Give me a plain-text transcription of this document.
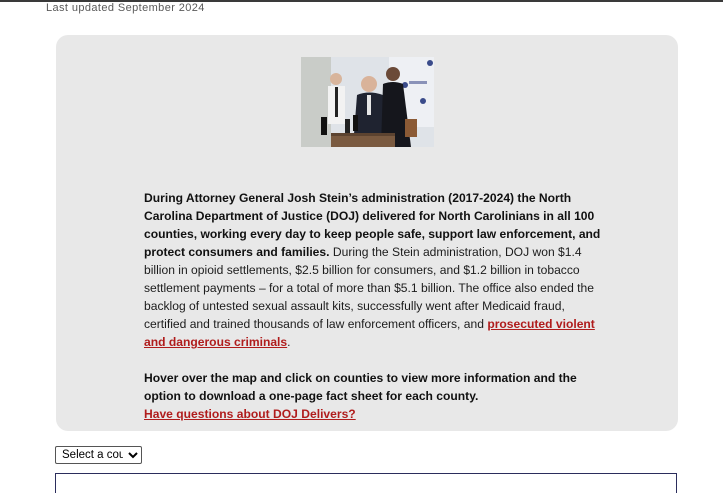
Last updated September 2024

During Attorney General Josh Stein’s administration (2017-2024) the North Carolina Department of Justice (DOJ) delivered for North Carolinians in all 100 counties, working every day to keep people safe, support law enforcement, and protect consumers and families. During the Stein administration, DOJ won $1.4 billion in opioid settlements, $2.5 billion for consumers, and $1.2 billion in tobacco settlement payments – for a total of more than $5.1 billion. The office also ended the backlog of untested sexual assault kits, successfully went after Medicaid fraud, certified and trained thousands of law enforcement officers, and prosecuted violent and dangerous criminals.

Hover over the map and click on counties to view more information and the option to download a one-page fact sheet for each county.
Have questions about DOJ Delivers?

Select a county
